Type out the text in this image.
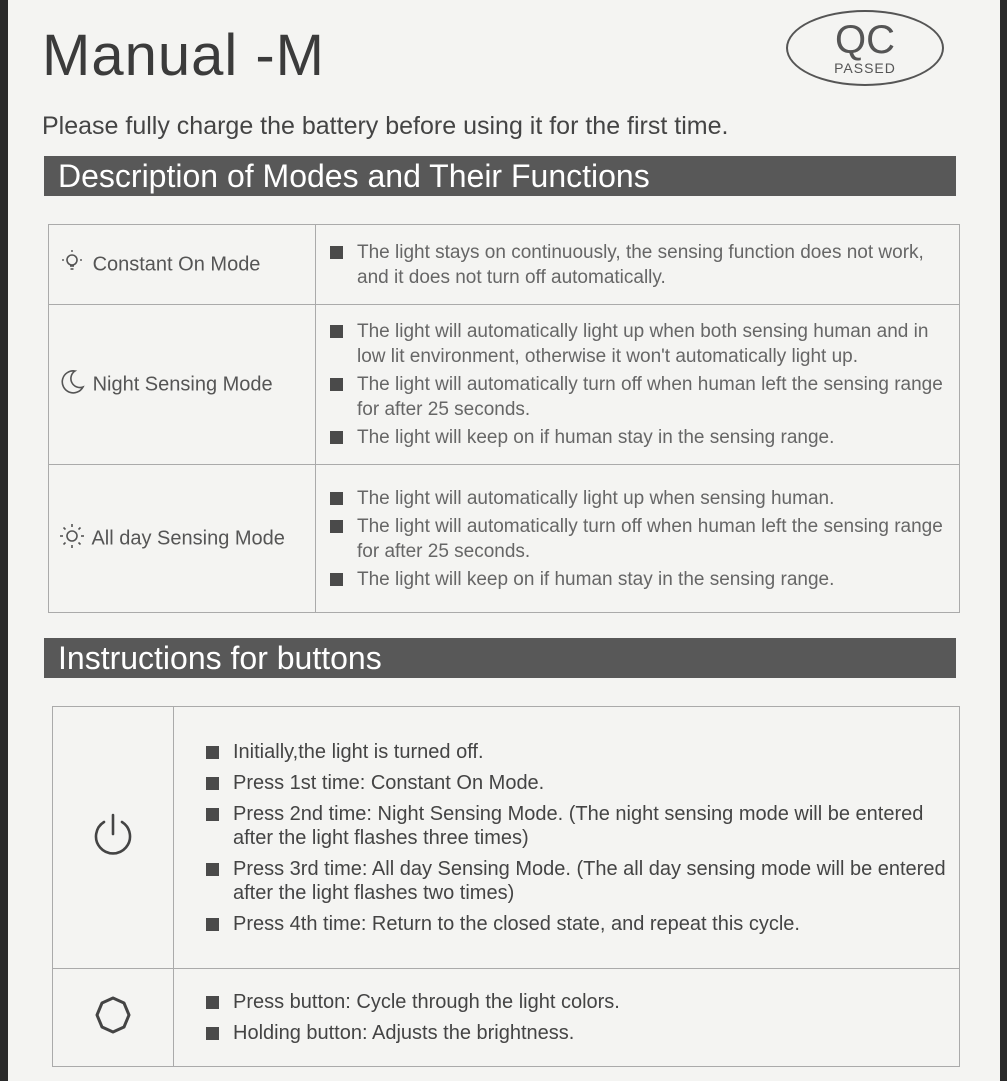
Manual -M	QC
PASSED
Please fully charge the battery before using it for the first time.
Description of Modes and Their Functions
Constant On Mode	The light stays on continuously, the sensing function does not work, and it does not turn off automatically.

Night Sensing Mode	The light will automatically light up when both sensing human and in low lit environment, otherwise it won't automatically light up.
The light will automatically turn off when human left the sensing range for after 25 seconds.
The light will keep on if human stay in the sensing range.

All day Sensing Mode	The light will automatically light up when sensing human.
The light will automatically turn off when human left the sensing range for after 25 seconds.
The light will keep on if human stay in the sensing range.
Instructions for buttons

Initially,the light is turned off.
Press 1st time: Constant On Mode.
Press 2nd time: Night Sensing Mode. (The night sensing mode will be entered after the light flashes three times)
Press 3rd time: All day Sensing Mode. (The all day sensing mode will be entered after the light flashes two times)
Press 4th time: Return to the closed state, and repeat this cycle.

Press button: Cycle through the light colors.
Holding button: Adjusts the brightness.
